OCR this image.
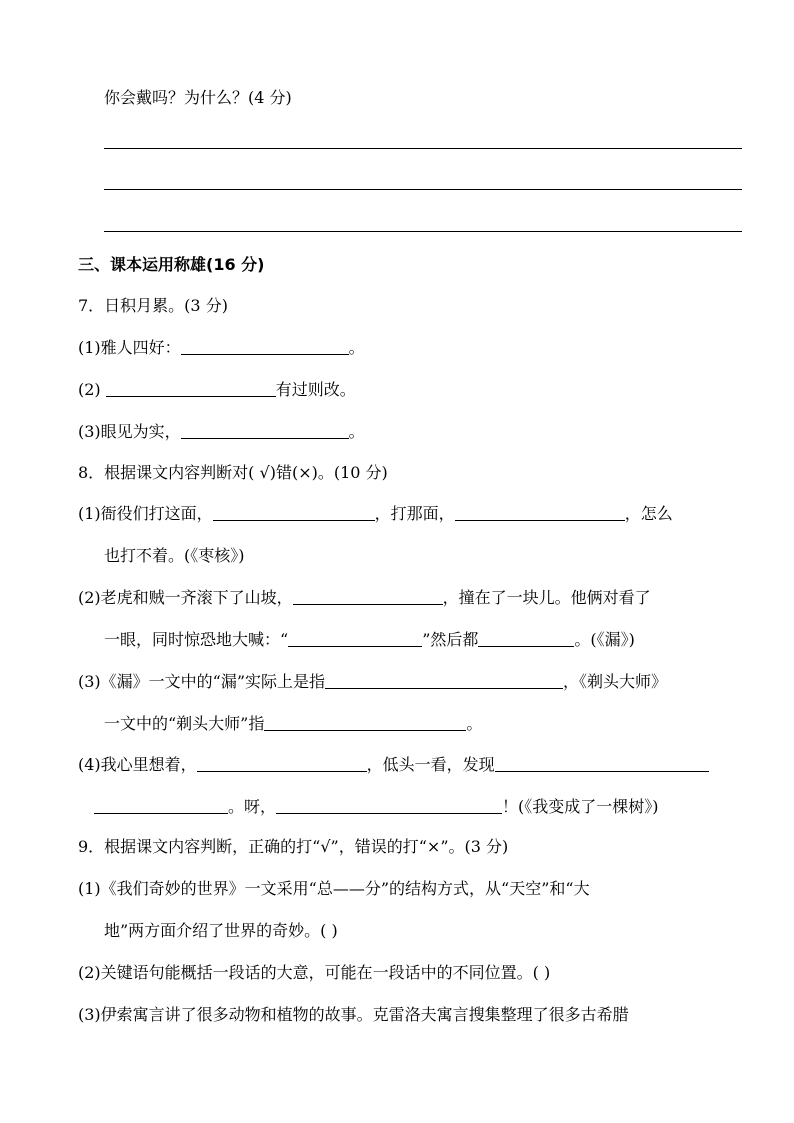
你会戴吗？为什么？(4 分)
三、课本运用称雄(16 分)
7．日积月累。(3 分)
(1)雅人四好：	。
(2)	有过则改。
(3)眼见为实，	。
8．根据课文内容判断对( √)错(×)。(10 分)
(1)衙役们打这面，	，打那面，	，怎么
也打不着。(《枣核》)
(2)老虎和贼一齐滚下了山坡，	，撞在了一块儿。他俩对看了
一眼，同时惊恐地大喊：“	”然后都	。(《漏》)
(3)《漏》一文中的“漏”实际上是指	，《剃头大师》
一文中的“剃头大师”指	。
(4)我心里想着，	，低头一看，发现
。呀，	！(《我变成了一棵树》)
9．根据课文内容判断，正确的打“√”，错误的打“×”。(3 分)
(1)《我们奇妙的世界》一文采用“总——分”的结构方式，从“天空”和“大
地”两方面介绍了世界的奇妙。( )
(2)关键语句能概括一段话的大意，可能在一段话中的不同位置。( )
(3)伊索寓言讲了很多动物和植物的故事。克雷洛夫寓言搜集整理了很多古希腊
